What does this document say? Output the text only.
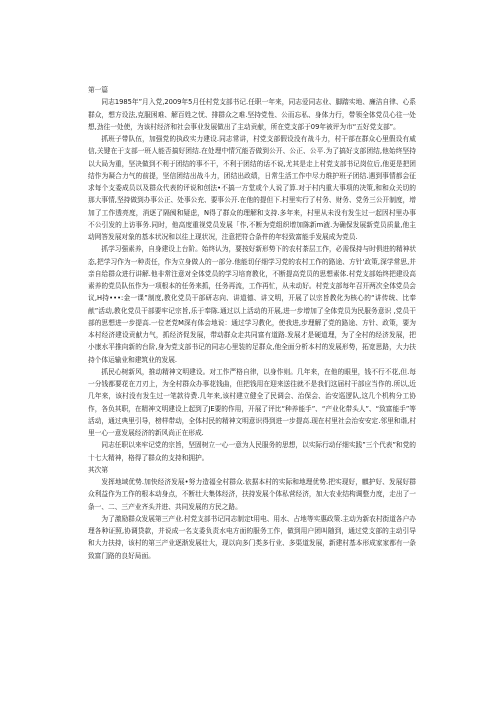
第一篇

同志1985年”月入党,2009年5月任村党支部书记.任职一年来，同志爱同志业、脚踏实地、廉洁自律、心系群众，想方设法,克服困难、解百姓之忧、排群众之难.坚持党性、公而忘私、身体力行，带领全体党员心往一处想,劲往一处使，为该村经济和社会事业发展做出了主动贡献，所在党支部于09年被评为市“五好党支部”。

抓班子带队伍，加强党的执政实力建设.同志常讲，村党支部假设没有战斗力，村干部在群众心里假设有威信,关键在于支部一班人能否搞好团结.在处理中情冗能否做到公开、公正、公平.为了搞好支部团结,他始终坚持以大局为重，坚决做到不利于团结的事不干，不利于团结的话不说,尤其是走上村党支部书记岗位后,他更是把团结作为凝合力气的前提，坚信团结出战斗力，团结出政绩，日常生活工作中尽力维护班子团结.遇到事情都会征求每个支委成员以及群众代表的评说和创法•不搞一方堂或个人说了算.对于村内重大事项的决策,和和众关切的那大事情,坚持做到办事公正、处事公充、要事公开.在他的提但下.村里实行了村务、财务、党务三公开制度，增加了工作透亮度，消逐了隔阂和疑虑，N得了群众的理解和支持.多年来，村里从未没有发生过一起因村里办事不公引发的上访事务.同时，他高度重视党员发展「作,不断为党组织增加陈新m液.为确保发展新党员质量,他主动网答发展对象的基本状况和以往上现状况，注意把符合条件的年轻致富能手发展成为党员.

抓学习强素养，自身建设上台阶。始终认为，要按好新形势下的农村茶层工作，必需保持与时俱进的精神状态,把学习作为一种责任，作为立身做人的一部分.他能切仔细学习党的农村工作的路途、方针'政策,深学常思,并亲自给群众进行讲解.他非常注意对全体党员的学习培育教化，不断提高党员的思想素体.村党支部始终把建设高素养的党员队伍作为一项根本的任务来抓，任务再流，工作再忙，从未动好。村党支部每年召开两次全体党员会议,H持•••:金一课”制度,教化党员干部研志向、讲道德、讲文明，开展了以宗旨教化为核心的“讲传统、比奉献”活动,教化党员干部要牢记宗旨,乐于奉陈.通过以上活动的开展,进一步增加了全体党员为民服务意识 ,党员干部的思想进一步提高.一位老党M深有体会地说：通过学习教化，使我进,步理解了党的路途、方针、政策，要为本村经济建设贡献力气，抓经济促发展，带动群众走共同富有道路.发展才是硬道理，为了全村的经济发展，把小康水平推向新的台阶,身为党支部书记的同志心里装的足群众,他全面分析本村的发展形势，拓宽思路，大力扶持个体运输业和建筑业的发展.

抓民心树新风，推动精神文明建设。对工作严格自律，以身作则。几年来，在他的眼里，钱不行不花,但.每一分钱都要花在刀刃上，为全村群众办事花钱曲，但把钱用在迎来送往就不是我们这届村干部应当作的.所以,近几年来，该村没有发生过一笔款待费.几年来,该村建立健全了民调会、治保会、治安巡逻队,这几个机构分工协作，各负其职，在精神文明建设上起到了JE要的作用，开展了评比“种养能手”、“产业化带头人”、“致富能手”等活动，通过典里引导，榜样带动，全体村民的精神文明意识得到进一步提高.现在村里社会治安安定.邻里和谐,村里一心一意发展经济的新风尚正在形成.

同志任职以来牢记党的宗旨，坚固树立一心一意为人民服务的思想，以实际行动仔细实践”三个代表”和党的十七大精神，格得了群众的支持和拥护。

其次第

发挥地域优势.加快经济发展•努力造福全村群众.依据本村的实际和地理优势.把实现好，麒护好、发展好群众利益作为工作的根本动身点，不断壮大集体经济，扶持发展个体私营经济，加大农业结构调整力度，走出了一条一、二、三产业齐头并进、共同发展的方民之路。

为了激励群众发展第三产业.村党支部书记同志制定t用电、用水、占地等实惠政策.主动为新农村街道各户办理各种证照,协调贷款，并说成一名支委负责水电方面的服务工作，做到用户团叫随到，通过党支部的主动引导和大力扶持，该村的第三产业逐渐发展壮大，现以向多门类多行业、多渠道发展，新建村基本形成家家都有一条致富门路的良好局面。
